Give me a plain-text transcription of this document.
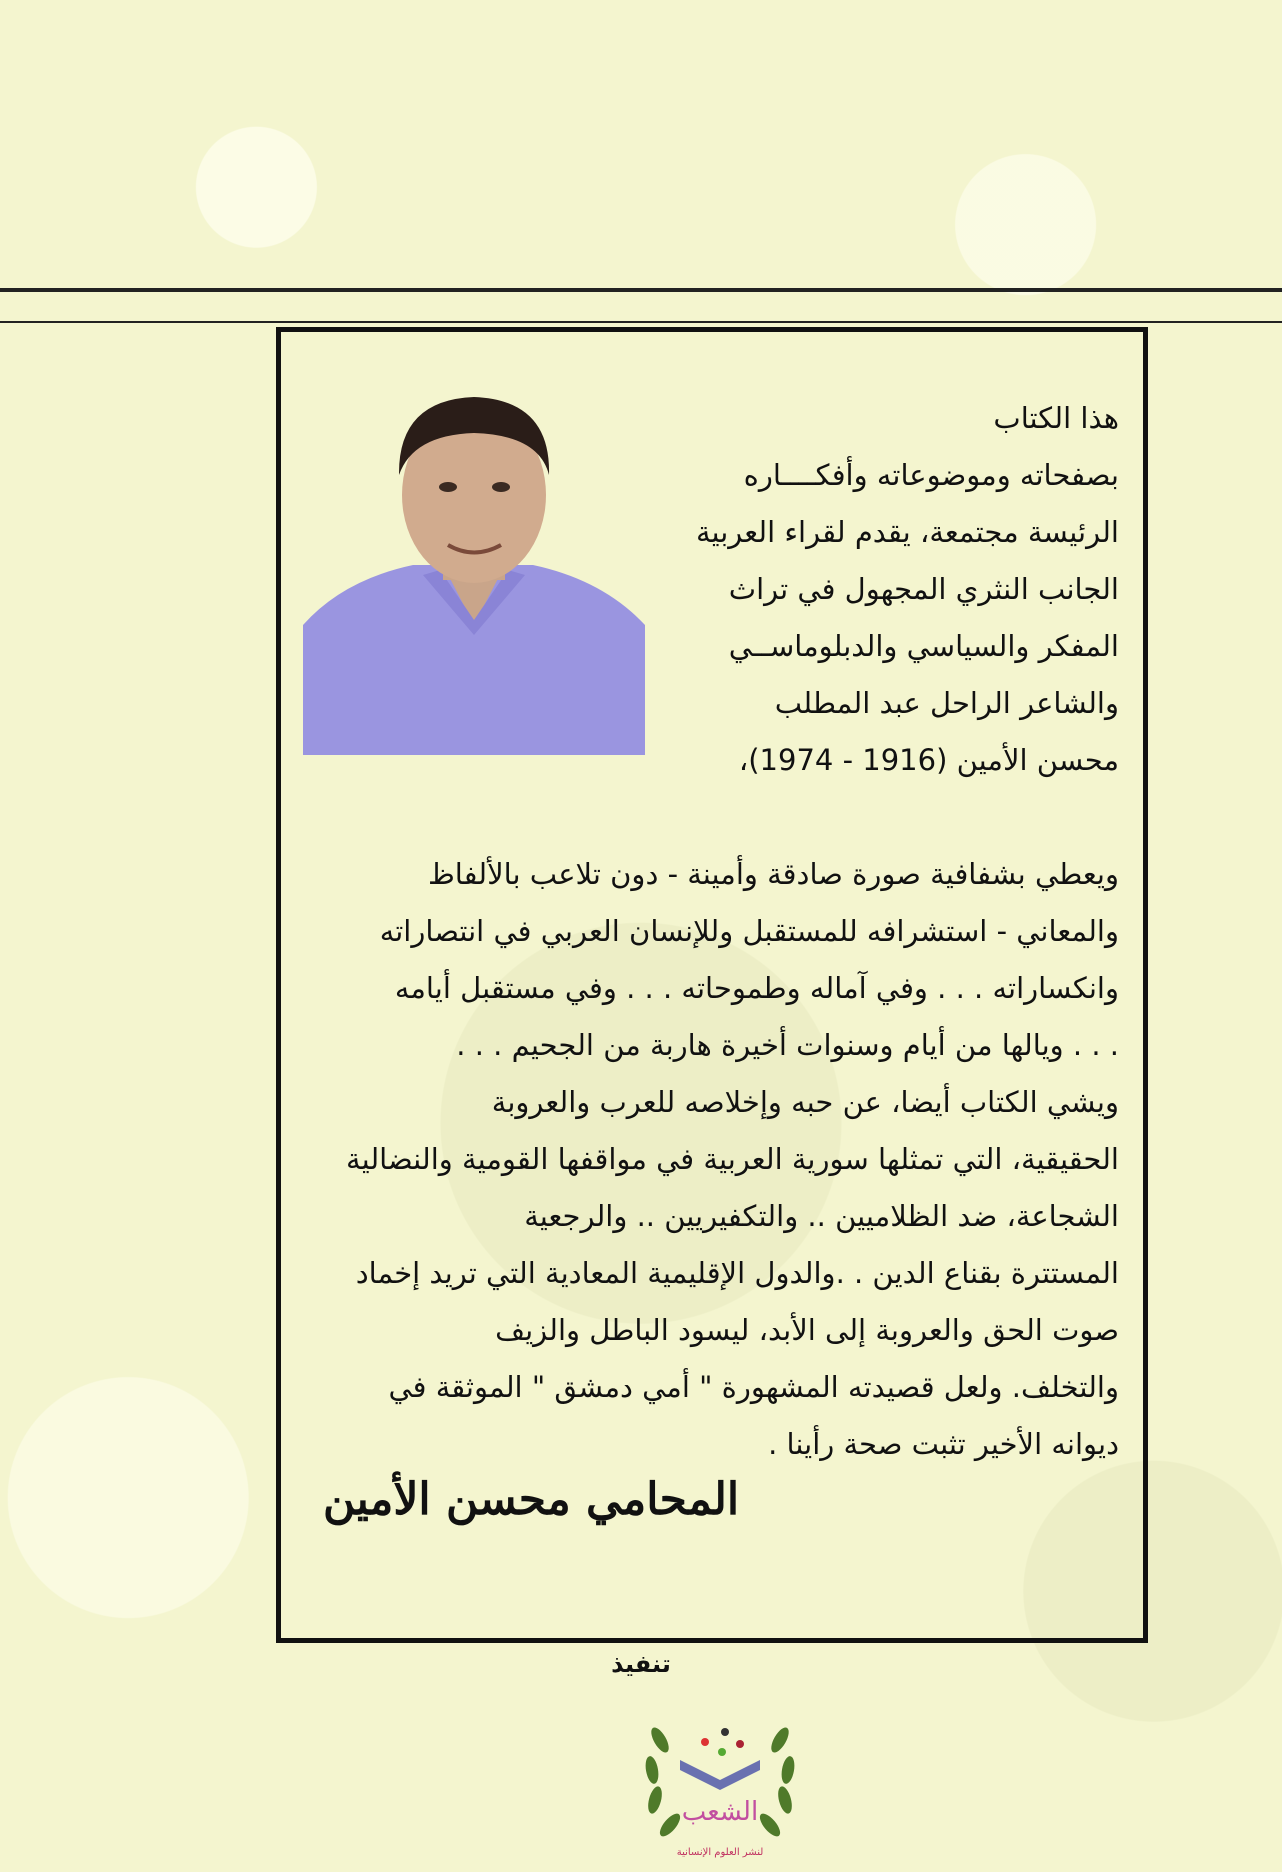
هذا الكتاب
بصفحاته وموضوعاته وأفكــــاره
الرئيسة مجتمعة، يقدم لقراء العربية
الجانب النثري المجهول في تراث
المفكر والسياسي والدبلوماســي
والشاعر الراحل عبد المطلب
محسن الأمين (1916 - 1974)،
ويعطي بشفافية صورة صادقة وأمينة - دون تلاعب بالألفاظ
والمعاني - استشرافه للمستقبل وللإنسان العربي في انتصاراته
وانكساراته . . . وفي آماله وطموحاته . . . وفي مستقبل أيامه
. . . ويالها من أيام وسنوات أخيرة هاربة من الجحيم . . .
ويشي الكتاب أيضا، عن حبه وإخلاصه للعرب والعروبة
الحقيقية، التي تمثلها سورية العربية في مواقفها القومية والنضالية
الشجاعة، ضد الظلاميين .. والتكفيريين .. والرجعية
المستترة بقناع الدين . .والدول الإقليمية المعادية التي تريد إخماد
صوت الحق والعروبة إلى الأبد، ليسود الباطل والزيف
والتخلف. ولعل قصيدته المشهورة " أمي دمشق " الموثقة في
ديوانه الأخير تثبت صحة رأينا .
المحامي محسن الأمين
تنفيذ
الشعب
لنشر العلوم الإنسانية
